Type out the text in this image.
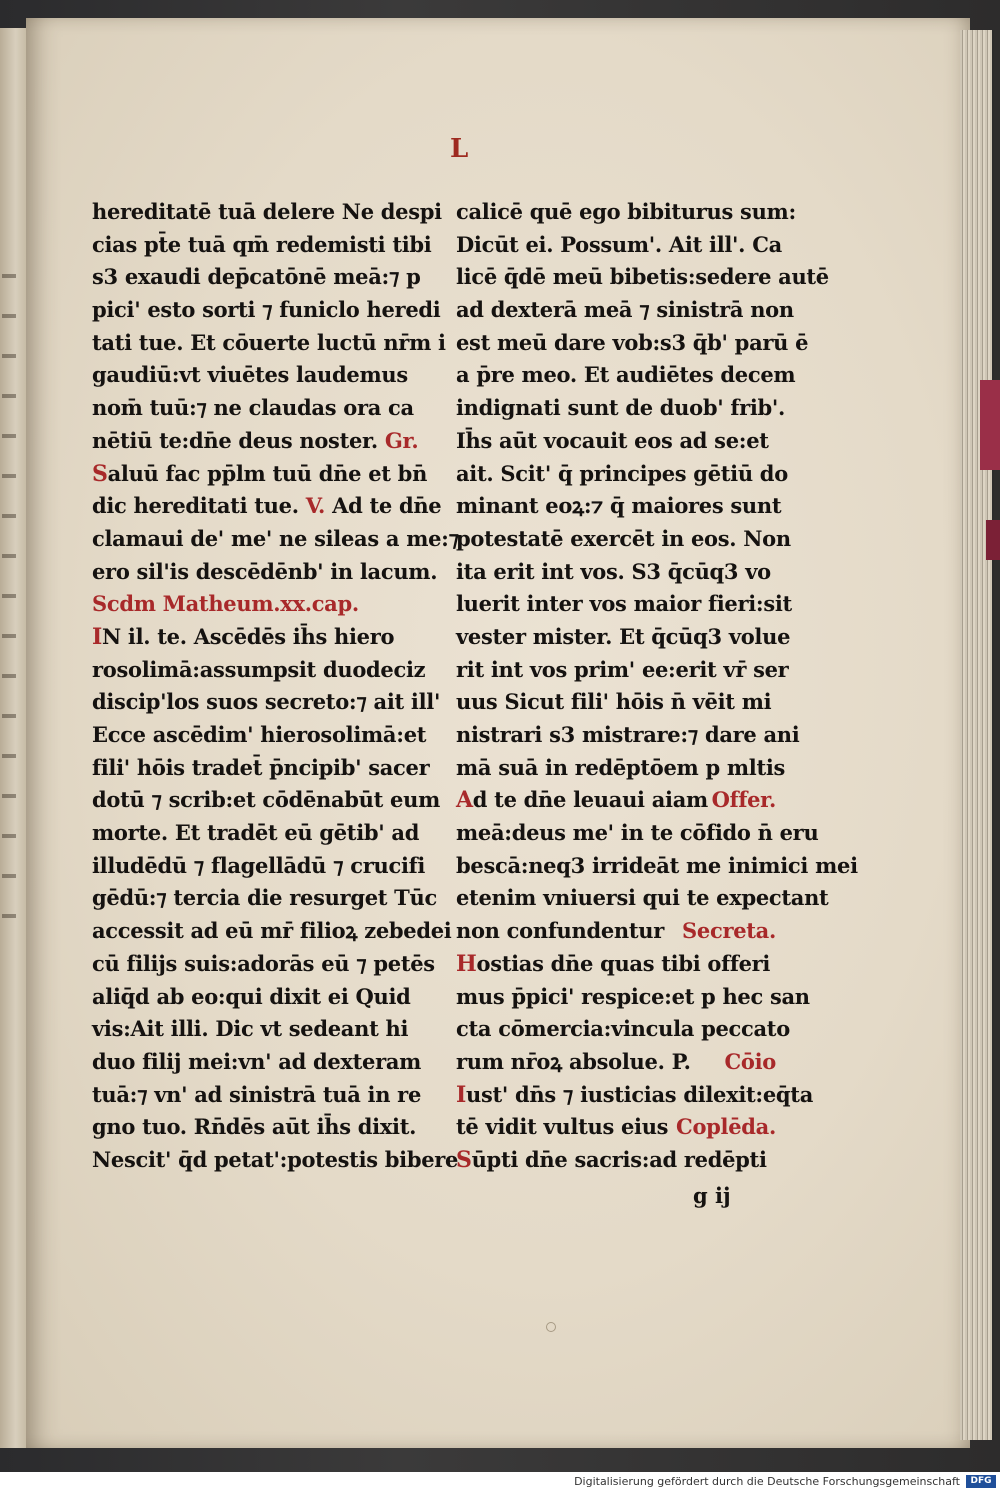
L
hereditatē tuā delere Ne despi
cias pt̄e tuā qm̄ redemisti tibi
s3 exaudi dep̄catōnē meā:⁊ p
pici' esto sorti ⁊ funiclo heredi
tati tue. Et cōuerte luctū nr̄m i
gaudiū:vt viuētes laudemus
nom̄ tuū:⁊ ne claudas ora ca
nētiū te:dn̄e deus noster. Gr.
Saluū fac pp̄lm tuū dn̄e et bn̄
dic hereditati tue. V. Ad te dn̄e
clamaui de' me' ne sileas a me:⁊
ero sil'is descēdēnb' in lacum.
Scdm Matheum.xx.cap.
IN il. te. Ascēdēs ih̄s hiero
rosolimā:assumpsit duodeciz
discip'los suos secreto:⁊ ait ill'
Ecce ascēdim' hierosolimā:et
fili' hōis tradet̄ p̄ncipib' sacer
dotū ⁊ scrib:et cōdēnabūt eum
morte. Et tradēt eū gētib' ad
illudēdū ⁊ flagellādū ⁊ crucifi
gēdū:⁊ tercia die resurget Tūc
accessit ad eū mr̄ filioꝝ zebedei
cū filijs suis:adorās eū ⁊ petēs
aliq̄d ab eo:qui dixit ei Quid
vis:Ait illi. Dic vt sedeant hi
duo filij mei:vn' ad dexteram
tuā:⁊ vn' ad sinistrā tuā in re
gno tuo. Rn̄dēs aūt ih̄s dixit.
Nescit' q̄d petat':potestis bibere
calicē quē ego bibiturus sum:
Dicūt ei. Possum'. Ait ill'. Ca
licē q̄dē meū bibetis:sedere autē
ad dexterā meā ⁊ sinistrā non
est meū dare vob:s3 q̄b' parū ē
a p̄re meo. Et audiētes decem
indignati sunt de duob' frib'.
Ih̄s aūt vocauit eos ad se:et
ait. Scit' q̄ principes gētiū do
minant eoꝝ:⁊ q̄ maiores sunt
potestatē exercēt in eos. Non
ita erit int vos. S3 q̄cūq3 vo
luerit inter vos maior fieri:sit
vester mister. Et q̄cūq3 volue
rit int vos prim' ee:erit vr̄ ser
uus Sicut fili' hōis n̄ vēit mi
nistrari s3 mistrare:⁊ dare ani
mā suā in redēptōem p mltis
Ad te dn̄e leuaui aiam Offer.
meā:deus me' in te cōfido n̄ eru
bescā:neq3 irrideāt me inimici mei
etenim vniuersi qui te expectant
non confundentur Secreta.
Hostias dn̄e quas tibi offeri
mus p̄pici' respice:et p hec san
cta cōmercia:vincula peccato
rum nr̄oꝝ absolue. P. Cōio
Iust' dn̄s ⁊ iusticias dilexit:eq̄ta
tē vidit vultus eius Coplēda.
Sūpti dn̄e sacris:ad redēpti
g ij
Digitalisierung gefördert durch die Deutsche Forschungsgemeinschaft	DFG
